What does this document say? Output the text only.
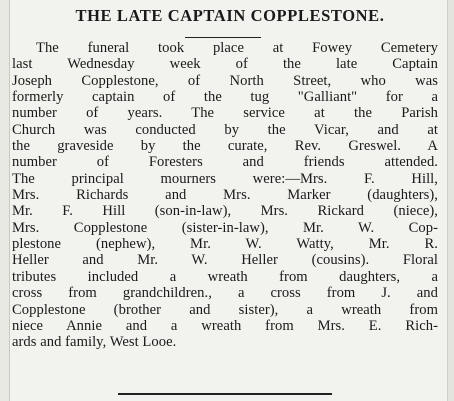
THE LATE CAPTAIN COPPLESTONE.
The funeral took place at Fowey Cemetery
last Wednesday week of the late Captain
Joseph Copplestone, of North Street, who was
formerly captain of the tug "Galliant" for a
number of years. The service at the Parish
Church was conducted by the Vicar, and at
the graveside by the curate, Rev. Greswel. A
number of Foresters and friends attended.
The principal mourners were:—Mrs. F. Hill,
Mrs. Richards and Mrs. Marker (daughters),
Mr. F. Hill (son-in-law), Mrs. Rickard (niece),
Mrs. Copplestone (sister-in-law), Mr. W. Cop-
plestone (nephew), Mr. W. Watty, Mr. R.
Heller and Mr. W. Heller (cousins). Floral
tributes included a wreath from daughters, a
cross from grandchildren., a cross from J. and
Copplestone (brother and sister), a wreath from
niece Annie and a wreath from Mrs. E. Rich-
ards and family, West Looe.
